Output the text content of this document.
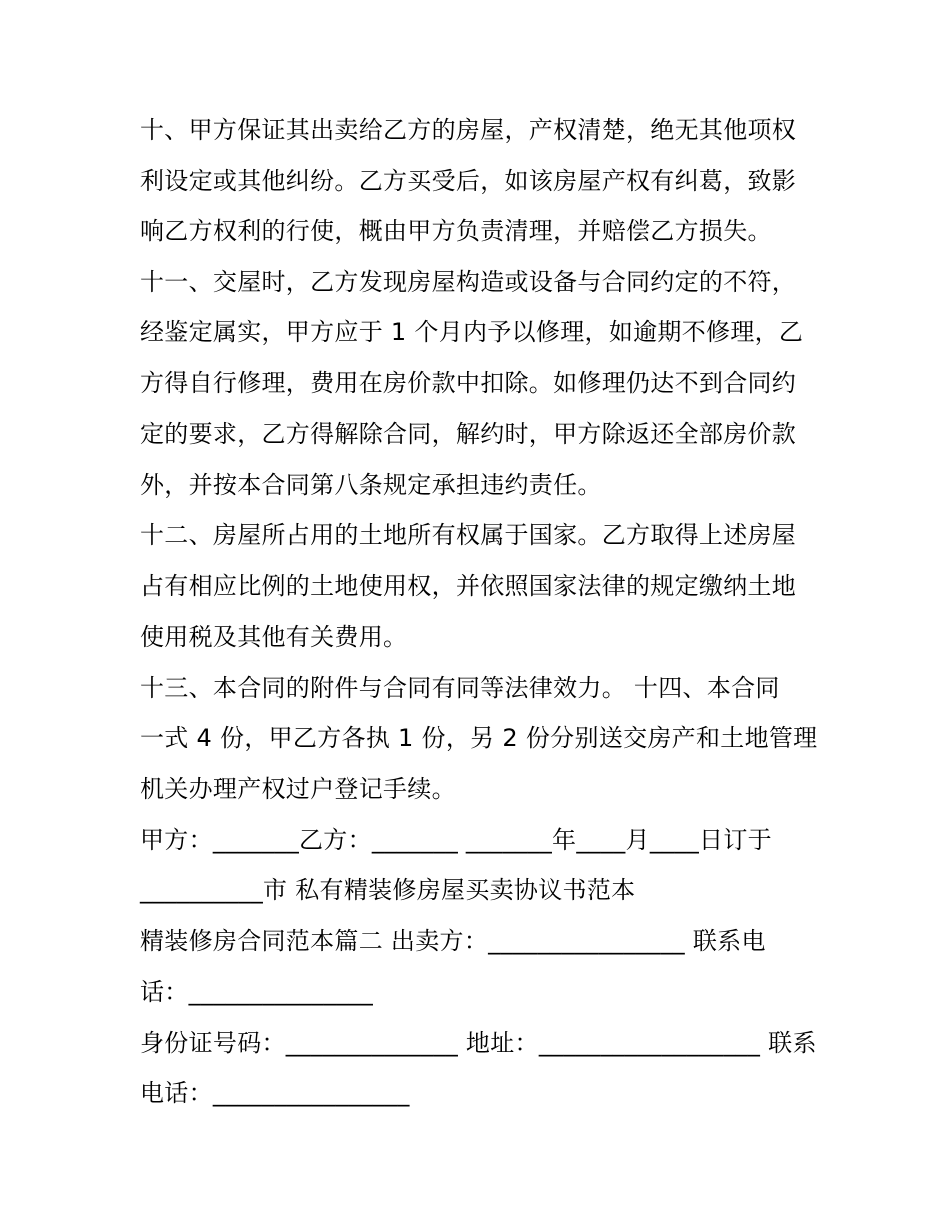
十、甲方保证其出卖给乙方的房屋，产权清楚，绝无其他项权
利设定或其他纠纷。乙方买受后，如该房屋产权有纠葛，致影
响乙方权利的行使，概由甲方负责清理，并赔偿乙方损失。
十一、交屋时，乙方发现房屋构造或设备与合同约定的不符，
经鉴定属实，甲方应于 1 个月内予以修理，如逾期不修理，乙
方得自行修理，费用在房价款中扣除。如修理仍达不到合同约
定的要求，乙方得解除合同，解约时，甲方除返还全部房价款
外，并按本合同第八条规定承担违约责任。
十二、房屋所占用的土地所有权属于国家。乙方取得上述房屋
占有相应比例的土地使用权，并依照国家法律的规定缴纳土地
使用税及其他有关费用。
十三、本合同的附件与合同有同等法律效力。 十四、本合同
一式 4 份，甲乙方各执 1 份，另 2 份分别送交房产和土地管理
机关办理产权过户登记手续。
甲方：_______乙方：_______ _______年____月____日订于
__________市 私有精装修房屋买卖协议书范本
精装修房合同范本篇二 出卖方：________________ 联系电
话：_______________
身份证号码：______________ 地址：__________________ 联系
电话：________________
